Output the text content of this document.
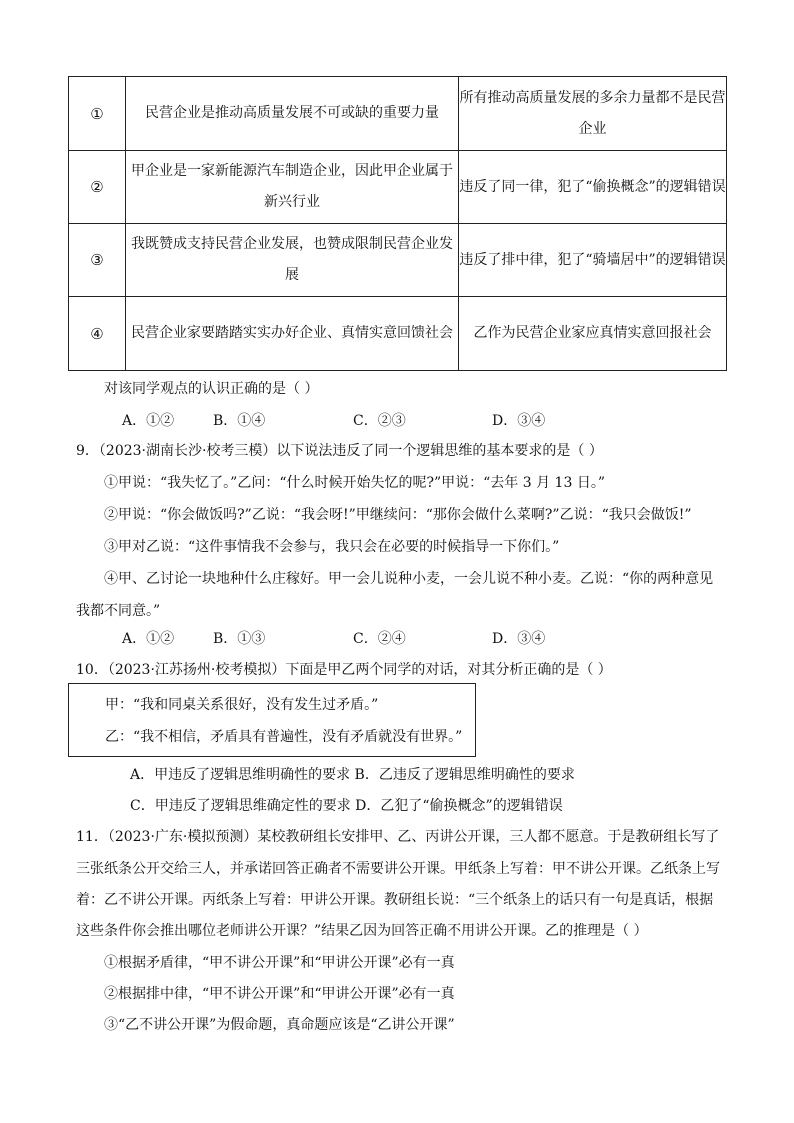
①	民营企业是推动高质量发展不可或缺的重要力量	所有推动高质量发展的多余力量都不是民营企业
②	甲企业是一家新能源汽车制造企业，因此甲企业属于新兴行业	违反了同一律，犯了“偷换概念”的逻辑错误
③	我既赞成支持民营企业发展，也赞成限制民营企业发展	违反了排中律，犯了“骑墙居中”的逻辑错误
④	民营企业家要踏踏实实办好企业、真情实意回馈社会	乙作为民营企业家应真情实意回报社会
对该同学观点的认识正确的是（ ）
A．①②	B．①④	C．②③	D．③④
9．（2023·湖南长沙·校考三模）以下说法违反了同一个逻辑思维的基本要求的是（ ）
①甲说：“我失忆了。”乙问：“什么时候开始失忆的呢?”甲说：“去年 3 月 13 日。”
②甲说：“你会做饭吗?”乙说：“我会呀!”甲继续问：“那你会做什么菜啊?”乙说：“我只会做饭!”
③甲对乙说：“这件事情我不会参与，我只会在必要的时候指导一下你们。”
④甲、乙讨论一块地种什么庄稼好。甲一会儿说种小麦，一会儿说不种小麦。乙说：“你的两种意见
我都不同意。”
A．①②	B．①③	C．②④	D．③④
10．（2023·江苏扬州·校考模拟）下面是甲乙两个同学的对话，对其分析正确的是（ ）
甲：“我和同桌关系很好，没有发生过矛盾。”
乙：“我不相信，矛盾具有普遍性，没有矛盾就没有世界。”
A．甲违反了逻辑思维明确性的要求 B．乙违反了逻辑思维明确性的要求
C．甲违反了逻辑思维确定性的要求 D．乙犯了“偷换概念”的逻辑错误
11．（2023·广东·模拟预测）某校教研组长安排甲、乙、丙讲公开课，三人都不愿意。于是教研组长写了
三张纸条公开交给三人，并承诺回答正确者不需要讲公开课。甲纸条上写着：甲不讲公开课。乙纸条上写
着：乙不讲公开课。丙纸条上写着：甲讲公开课。教研组长说：“三个纸条上的话只有一句是真话，根据
这些条件你会推出哪位老师讲公开课？”结果乙因为回答正确不用讲公开课。乙的推理是（ ）
①根据矛盾律，“甲不讲公开课”和“甲讲公开课”必有一真
②根据排中律，“甲不讲公开课”和“甲讲公开课”必有一真
③“乙不讲公开课”为假命题，真命题应该是“乙讲公开课”
